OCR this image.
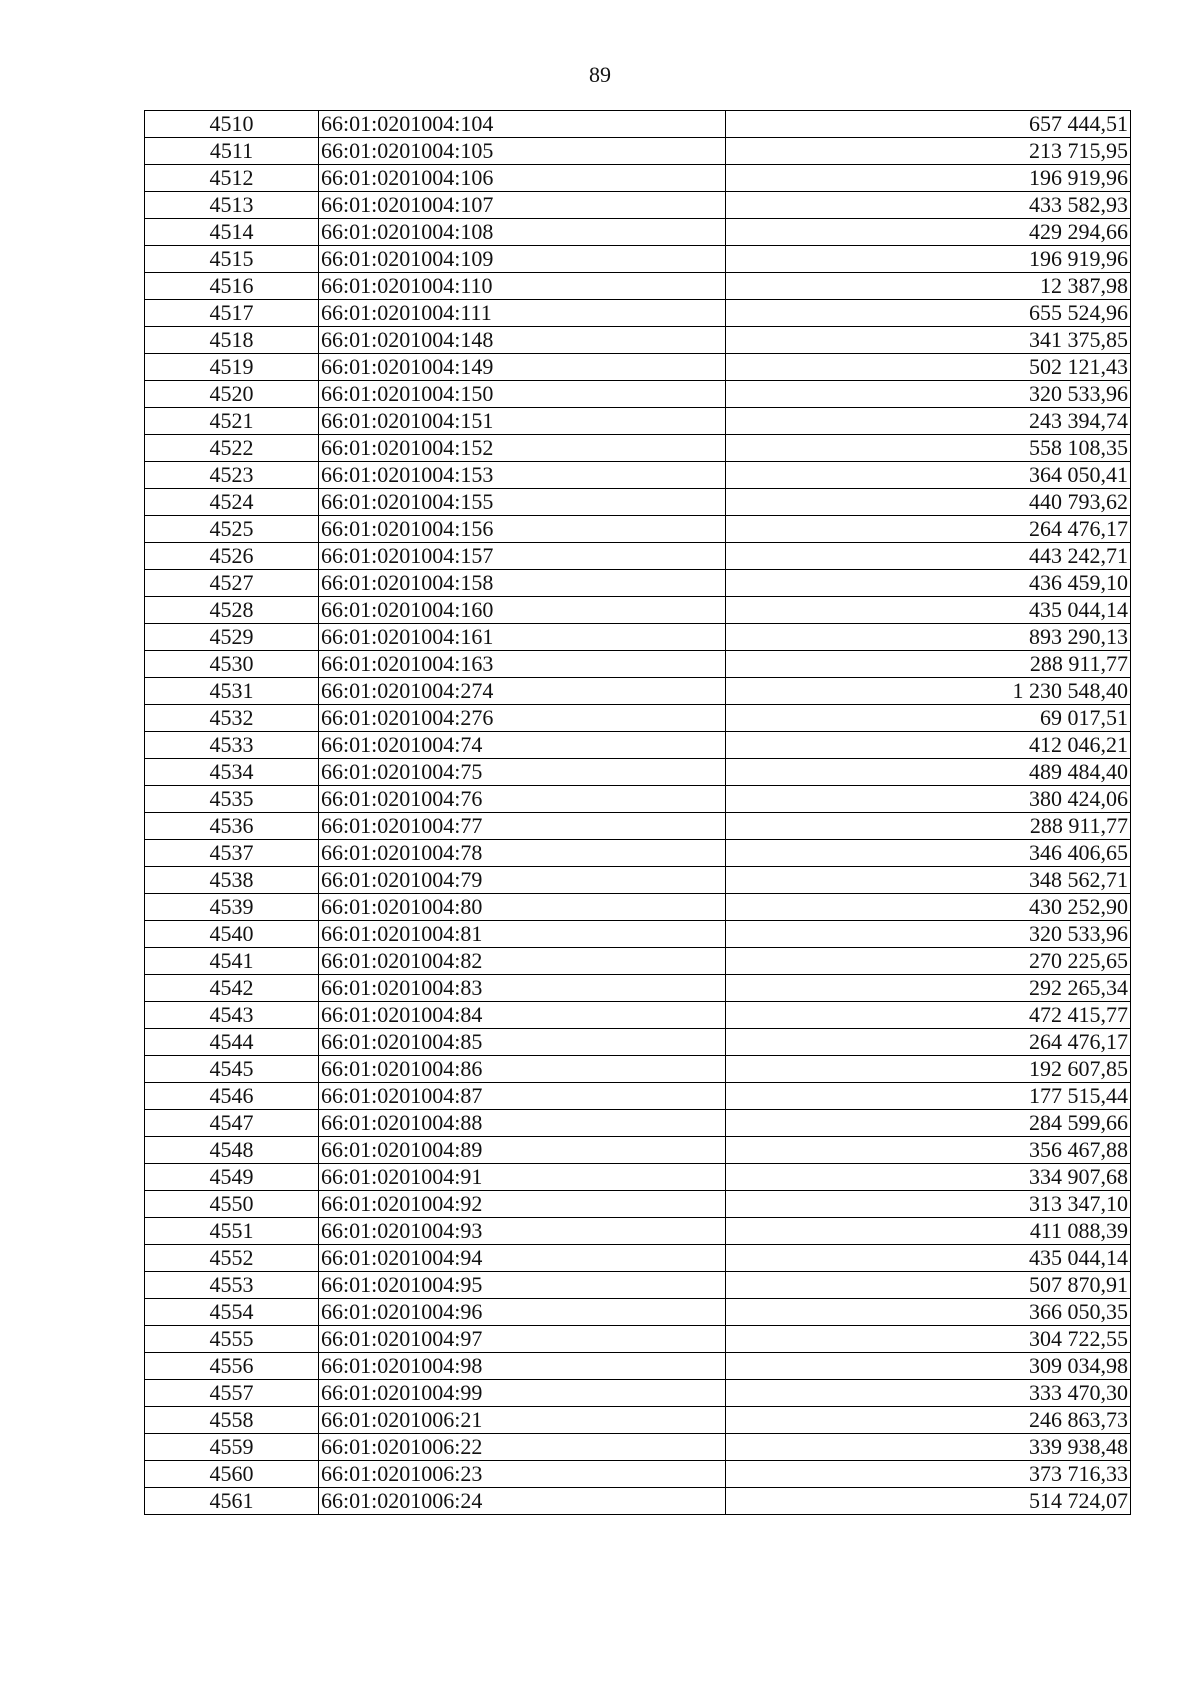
89
4510	66:01:0201004:104	657 444,51
4511	66:01:0201004:105	213 715,95
4512	66:01:0201004:106	196 919,96
4513	66:01:0201004:107	433 582,93
4514	66:01:0201004:108	429 294,66
4515	66:01:0201004:109	196 919,96
4516	66:01:0201004:110	12 387,98
4517	66:01:0201004:111	655 524,96
4518	66:01:0201004:148	341 375,85
4519	66:01:0201004:149	502 121,43
4520	66:01:0201004:150	320 533,96
4521	66:01:0201004:151	243 394,74
4522	66:01:0201004:152	558 108,35
4523	66:01:0201004:153	364 050,41
4524	66:01:0201004:155	440 793,62
4525	66:01:0201004:156	264 476,17
4526	66:01:0201004:157	443 242,71
4527	66:01:0201004:158	436 459,10
4528	66:01:0201004:160	435 044,14
4529	66:01:0201004:161	893 290,13
4530	66:01:0201004:163	288 911,77
4531	66:01:0201004:274	1 230 548,40
4532	66:01:0201004:276	69 017,51
4533	66:01:0201004:74	412 046,21
4534	66:01:0201004:75	489 484,40
4535	66:01:0201004:76	380 424,06
4536	66:01:0201004:77	288 911,77
4537	66:01:0201004:78	346 406,65
4538	66:01:0201004:79	348 562,71
4539	66:01:0201004:80	430 252,90
4540	66:01:0201004:81	320 533,96
4541	66:01:0201004:82	270 225,65
4542	66:01:0201004:83	292 265,34
4543	66:01:0201004:84	472 415,77
4544	66:01:0201004:85	264 476,17
4545	66:01:0201004:86	192 607,85
4546	66:01:0201004:87	177 515,44
4547	66:01:0201004:88	284 599,66
4548	66:01:0201004:89	356 467,88
4549	66:01:0201004:91	334 907,68
4550	66:01:0201004:92	313 347,10
4551	66:01:0201004:93	411 088,39
4552	66:01:0201004:94	435 044,14
4553	66:01:0201004:95	507 870,91
4554	66:01:0201004:96	366 050,35
4555	66:01:0201004:97	304 722,55
4556	66:01:0201004:98	309 034,98
4557	66:01:0201004:99	333 470,30
4558	66:01:0201006:21	246 863,73
4559	66:01:0201006:22	339 938,48
4560	66:01:0201006:23	373 716,33
4561	66:01:0201006:24	514 724,07
